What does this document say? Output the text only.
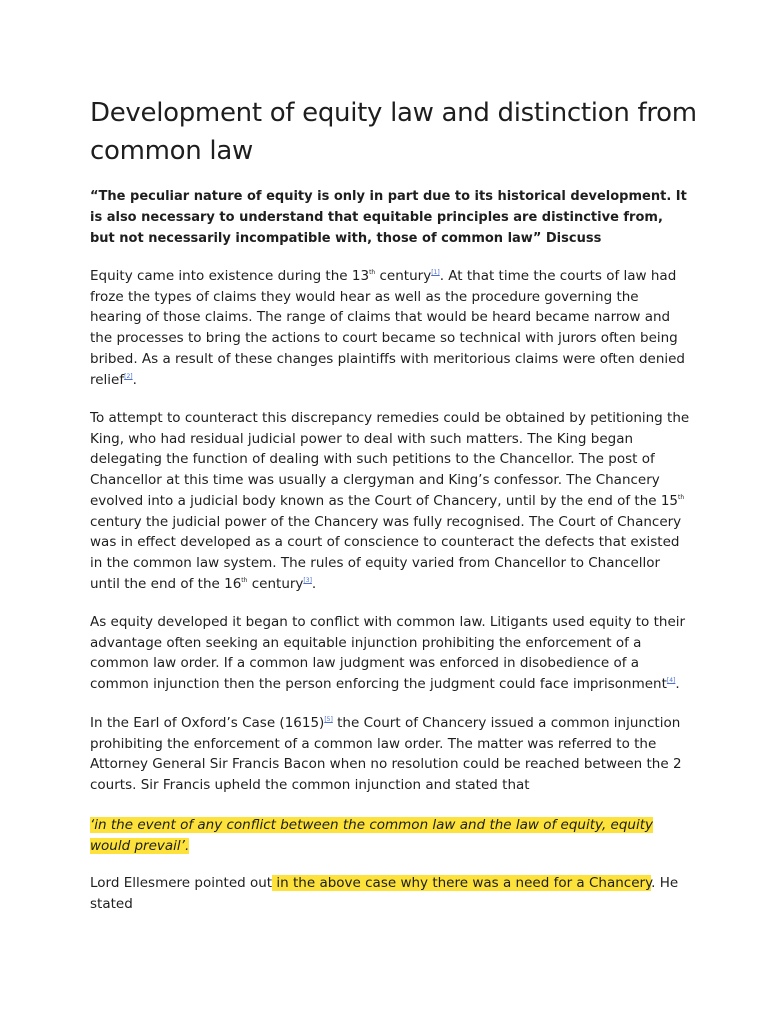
Development of equity law and distinction from common law

“The peculiar nature of equity is only in part due to its historical development. It is also necessary to understand that equitable principles are distinctive from, but not necessarily incompatible with, those of common law” Discuss

Equity came into existence during the 13th century[1]. At that time the courts of law had froze the types of claims they would hear as well as the procedure governing the hearing of those claims. The range of claims that would be heard became narrow and the processes to bring the actions to court became so technical with jurors often being bribed. As a result of these changes plaintiffs with meritorious claims were often denied relief[2].

To attempt to counteract this discrepancy remedies could be obtained by petitioning the King, who had residual judicial power to deal with such matters. The King began delegating the function of dealing with such petitions to the Chancellor. The post of Chancellor at this time was usually a clergyman and King’s confessor. The Chancery evolved into a judicial body known as the Court of Chancery, until by the end of the 15th century the judicial power of the Chancery was fully recognised. The Court of Chancery was in effect developed as a court of conscience to counteract the defects that existed in the common law system. The rules of equity varied from Chancellor to Chancellor until the end of the 16th century[3].

As equity developed it began to conflict with common law. Litigants used equity to their advantage often seeking an equitable injunction prohibiting the enforcement of a common law order. If a common law judgment was enforced in disobedience of a common injunction then the person enforcing the judgment could face imprisonment[4].

In the Earl of Oxford’s Case (1615)[5] the Court of Chancery issued a common injunction prohibiting the enforcement of a common law order. The matter was referred to the Attorney General Sir Francis Bacon when no resolution could be reached between the 2 courts. Sir Francis upheld the common injunction and stated that

‘in the event of any conflict between the common law and the law of equity, equity would prevail’.

Lord Ellesmere pointed out in the above case why there was a need for a Chancery. He stated
